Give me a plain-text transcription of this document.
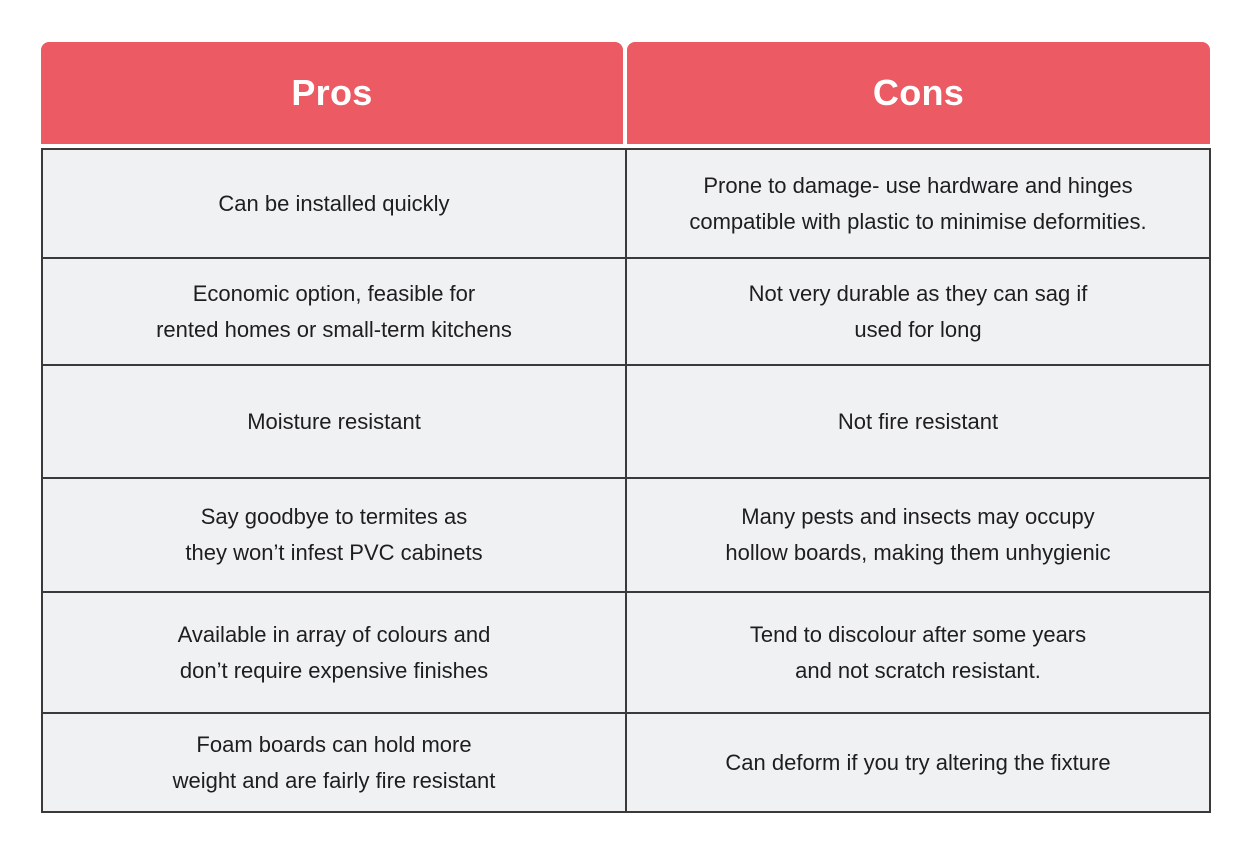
Pros	Cons
Can be installed quickly
Prone to damage- use hardware and hinges
compatible with plastic to minimise deformities.
Economic option, feasible for
rented homes or small-term kitchens
Not very durable as they can sag if
used for long
Moisture resistant	Not fire resistant
Say goodbye to termites as
they won’t infest PVC cabinets
Many pests and insects may occupy
hollow boards, making them unhygienic
Available in array of colours and
don’t require expensive finishes
Tend to discolour after some years
and not scratch resistant.
Foam boards can hold more
weight and are fairly fire resistant
Can deform if you try altering the fixture
